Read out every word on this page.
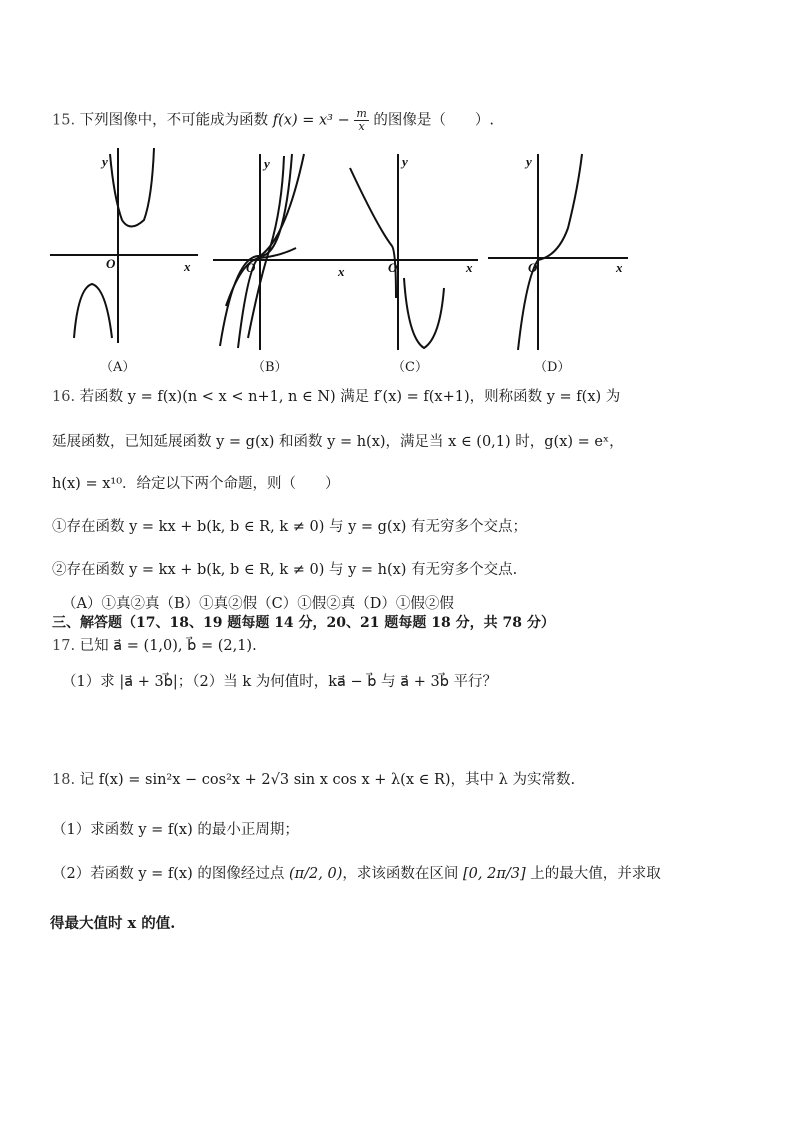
15. 下列图像中，不可能成为函数 $f(x) = x^3 - \frac{m}{x}$ 的图像是（　　）.
y
x
O
y
x
O
y
x
O
y
x
O
（A）	（B）	（C）	（D）
16. 若函数 y = f(x)(n < x < n+1, n ∈ N) 满足 f′(x) = f(x+1)，则称函数 y = f(x) 为
延展函数，已知延展函数 y = g(x) 和函数 y = h(x)，满足当 x ∈ (0,1) 时，g(x) = eˣ，
h(x) = x¹⁰．给定以下两个命题，则（　　）
①存在函数 y = kx + b(k, b ∈ R, k ≠ 0) 与 y = g(x) 有无穷多个交点；
②存在函数 y = kx + b(k, b ∈ R, k ≠ 0) 与 y = h(x) 有无穷多个交点.
（A）①真②真（B）①真②假（C）①假②真（D）①假②假
三、解答题（17、18、19 题每题 14 分，20、21 题每题 18 分，共 78 分）
17. 已知 a⃗ = (1,0), b⃗ = (2,1).
（1）求 |a⃗ + 3b⃗|；（2）当 k 为何值时，ka⃗ − b⃗ 与 a⃗ + 3b⃗ 平行？
18. 记 f(x) = sin²x − cos²x + 2√3 sin x cos x + λ(x ∈ R)，其中 λ 为实常数.
（1）求函数 y = f(x) 的最小正周期；
（2）若函数 y = f(x) 的图像经过点 (π/2, 0)，求该函数在区间 [0, 2π/3] 上的最大值，并求取
得最大值时 x 的值.
